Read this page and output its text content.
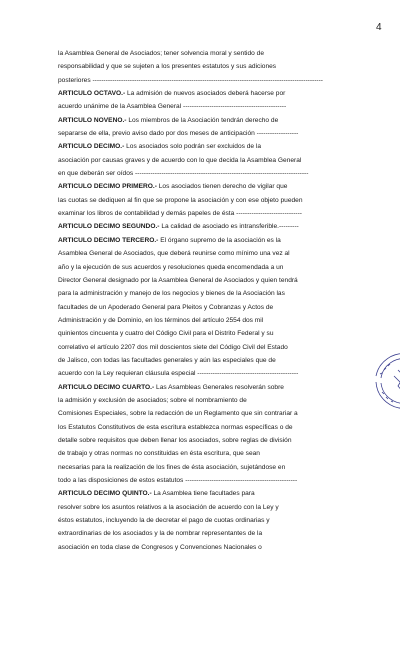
4
la Asamblea General de Asociados; tener solvencia moral y sentido de
responsabilidad y que se sujeten a los presentes estatutos y sus adiciones
posteriores ---------------------------------------------------------------------------------------------------------
ARTICULO OCTAVO.- La admisión de nuevos asociados deberá hacerse por
acuerdo unánime de la Asamblea General -----------------------------------------------
ARTICULO NOVENO.- Los miembros de la Asociación tendrán derecho de
separarse de ella, previo aviso dado por dos meses de anticipación -------------------
ARTICULO DECIMO.- Los asociados solo podrán ser excluidos de la
asociación por causas graves y de acuerdo con lo que decida la Asamblea General
en que deberán ser oídos -------------------------------------------------------------------------------
ARTICULO DECIMO PRIMERO.- Los asociados tienen derecho de vigilar que
las cuotas se dediquen al fin que se propone la asociación y con ese objeto pueden
examinar los libros de contabilidad y demás papeles de ésta ------------------------------
ARTICULO DECIMO SEGUNDO.- La calidad de asociado es intransferible.---------
ARTICULO DECIMO TERCERO.- El órgano supremo de la asociación es la
Asamblea General de Asociados, que deberá reunirse como mínimo una vez al
año y la ejecución de sus acuerdos y resoluciones queda encomendada a un
Director General designado por la Asamblea General de Asociados y quien tendrá
para la administración y manejo de los negocios y bienes de la Asociación las
facultades de un Apoderado General para Pleitos y Cobranzas y Actos de
Administración y de Dominio, en los términos del artículo 2554 dos mil
quinientos cincuenta y cuatro del Código Civil para el Distrito Federal y su
correlativo el artículo 2207 dos mil doscientos siete del Código Civil del Estado
de Jalisco, con todas las facultades generales y aún las especiales que de
acuerdo con la Ley requieran cláusula especial ----------------------------------------------
ARTICULO DECIMO CUARTO.- Las Asambleas Generales resolverán sobre
la admisión y exclusión de asociados; sobre el nombramiento de
Comisiones Especiales, sobre la redacción de un Reglamento que sin contrariar a
los Estatutos Constitutivos de esta escritura establezca normas específicas o de
detalle sobre requisitos que deben llenar los asociados, sobre reglas de división
de trabajo y otras normas no constituidas en ésta escritura, que sean
necesarias para la realización de los fines de ésta asociación, sujetándose en
todo a las disposiciones de estos estatutos ---------------------------------------------------
ARTICULO DECIMO QUINTO.- La Asamblea tiene facultades para
resolver sobre los asuntos relativos a la asociación de acuerdo con la Ley y
éstos estatutos, incluyendo la de decretar el pago de cuotas ordinarias y
extraordinarias de los asociados y la de nombrar representantes de la
asociación en toda clase de Congresos y Convenciones Nacionales o
